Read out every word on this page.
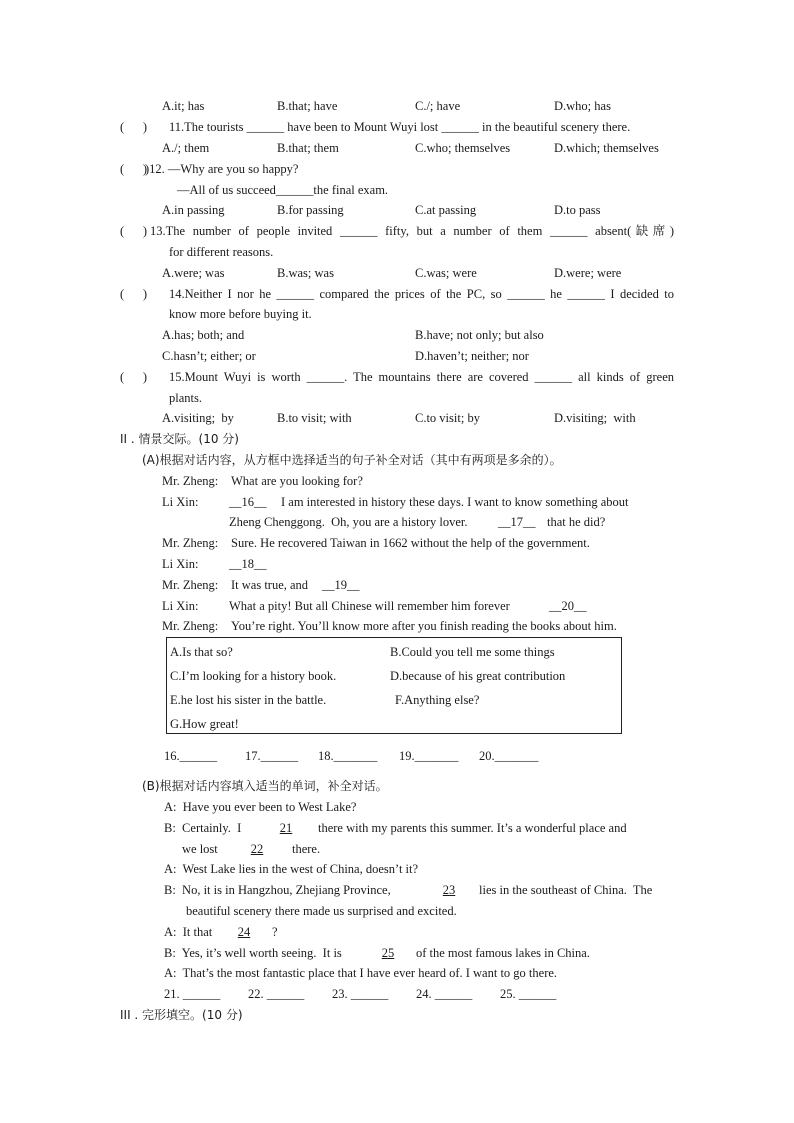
A.it; has	B.that; have	C./; have	D.who; has
(      ) 11.The tourists ______ have been to Mount Wuyi lost ______ in the beautiful scenery there.
A./; them	B.that; them	C.who; themselves	D.which; themselves
(      )
)12. —Why are you so happy?
—All of us succeed______the final exam.
A.in passing	B.for passing	C.at passing	D.to pass
(      ) 13.The number of people invited ______ fifty, but a number of them ______ absent(缺席)
for different reasons.
A.were; was	B.was; was	C.was; were	D.were; were
(      ) 14.Neither I nor he ______ compared the prices of the PC, so ______ he ______ I decided to
know more before buying it.
A.has; both; and	B.have; not only; but also
C.hasn’t; either; or	D.haven’t; neither; nor
(      ) 15.Mount Wuyi is worth ______. The mountains there are covered ______ all kinds of green
plants.
A.visiting;  by	B.to visit; with	C.to visit; by	D.visiting;  with
II . 情景交际。(10 分)
(A)根据对话内容，从方框中选择适当的句子补全对话（其中有两项是多余的）。
Mr. Zheng: What are you looking for?
Li Xin: __16__ I am interested in history these days. I want to know something about
Zheng Chenggong.  Oh, you are a history lover. __17__ that he did?
Mr. Zheng: Sure. He recovered Taiwan in 1662 without the help of the government.
Li Xin: __18__
Mr. Zheng: It was true, and __19__
Li Xin: What a pity! But all Chinese will remember him forever	__20__
Mr. Zheng: You’re right. You’ll know more after you finish reading the books about him.
A.Is that so?	B.Could you tell me some things
C.I’m looking for a history book.	D.because of his great contribution
E.he lost his sister in the battle.	F.Anything else?
G.How great!
16.______ 17.______ 18._______ 19._______ 20._______
(B)根据对话内容填入适当的单词，补全对话。
A:  Have you ever been to West Lake?
B:  Certainly.  I	21	there with my parents this summer. It’s a wonderful place and
we lost	22	there.
A:  West Lake lies in the west of China, doesn’t it?
B:  No, it is in Hangzhou, Zhejiang Province,	23	lies in the southeast of China.  The
beautiful scenery there made us surprised and excited.
A:  It that	24	?
B:  Yes, it’s well worth seeing.  It is	25	of the most famous lakes in China.
A:  That’s the most fantastic place that I have ever heard of. I want to go there.
21. ______ 22. ______ 23. ______ 24. ______ 25. ______
III . 完形填空。(10 分)
